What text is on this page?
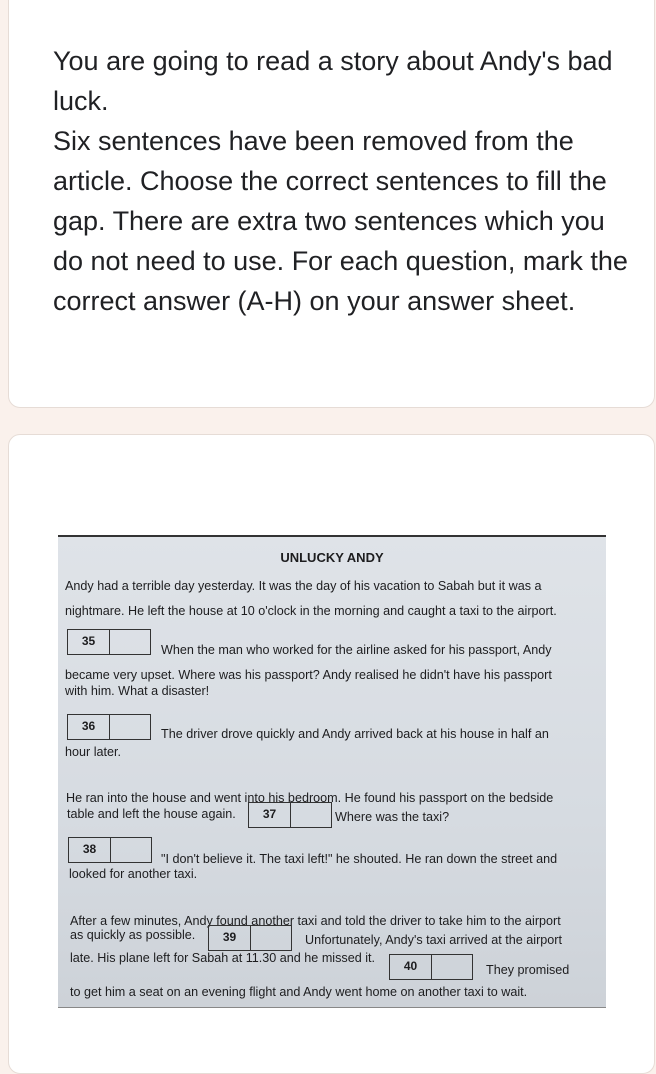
You are going to read a story about Andy's bad luck.
Six sentences have been removed from the article. Choose the correct sentences to fill the gap. There are extra two sentences which you do not need to use. For each question, mark the correct answer (A-H) on your answer sheet.
UNLUCKY ANDY
Andy had a terrible day yesterday. It was the day of his vacation to Sabah but it was a
nightmare. He left the house at 10 o'clock in the morning and caught a taxi to the airport.
35
When the man who worked for the airline asked for his passport, Andy
became very upset. Where was his passport? Andy realised he didn't have his passport
with him. What a disaster!
36
The driver drove quickly and Andy arrived back at his house in half an
hour later.
He ran into the house and went into his bedroom. He found his passport on the bedside
table and left the house again.	37	Where was the taxi?
38
"I don't believe it. The taxi left!" he shouted. He ran down the street and
looked for another taxi.
After a few minutes, Andy found another taxi and told the driver to take him to the airport
as quickly as possible.	39	Unfortunately, Andy's taxi arrived at the airport
late. His plane left for Sabah at 11.30 and he missed it.
40	They promised
to get him a seat on an evening flight and Andy went home on another taxi to wait.
